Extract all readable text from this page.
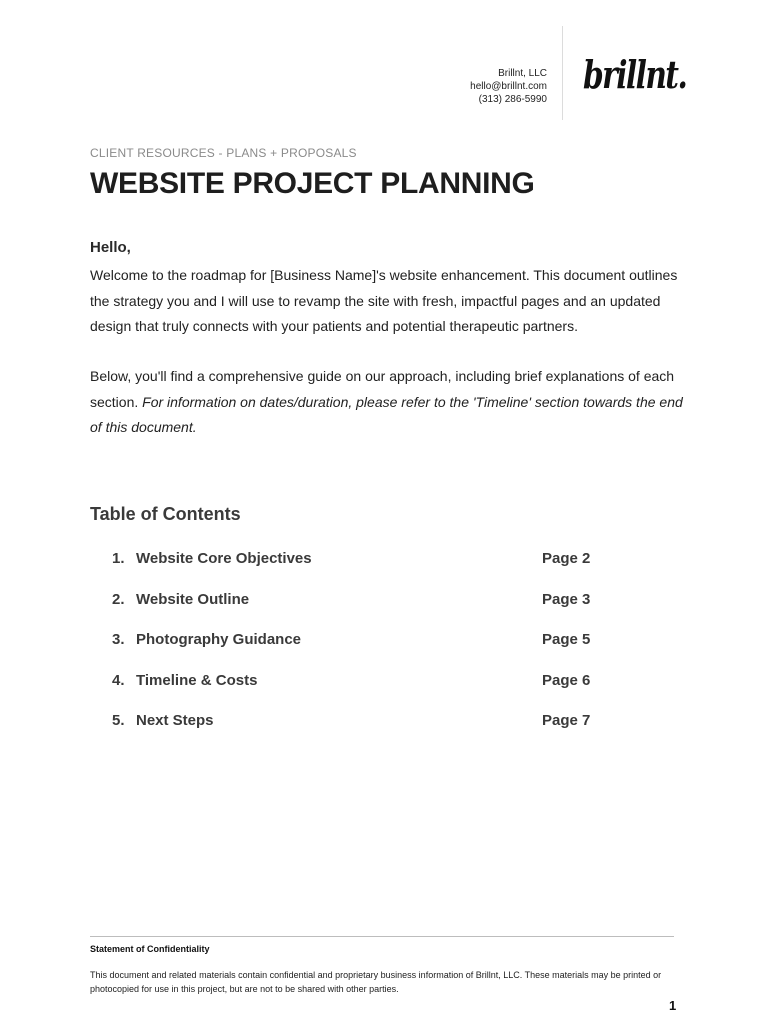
Brillnt, LLC
hello@brillnt.com
(313) 286-5990
brillnt.
CLIENT RESOURCES - PLANS + PROPOSALS
WEBSITE PROJECT PLANNING
Hello,

Welcome to the roadmap for [Business Name]'s website enhancement. This document outlines the strategy you and I will use to revamp the site with fresh, impactful pages and an updated design that truly connects with your patients and potential therapeutic partners.

Below, you'll find a comprehensive guide on our approach, including brief explanations of each section. For information on dates/duration, please refer to the 'Timeline' section towards the end of this document.

Table of Contents
1. Website Core Objectives	Page 2
2. Website Outline	Page 3
3. Photography Guidance	Page 5
4. Timeline & Costs	Page 6
5. Next Steps	Page 7
Statement of Confidentiality

This document and related materials contain confidential and proprietary business information of Brillnt, LLC. These materials may be printed or photocopied for use in this project, but are not to be shared with other parties.

1
